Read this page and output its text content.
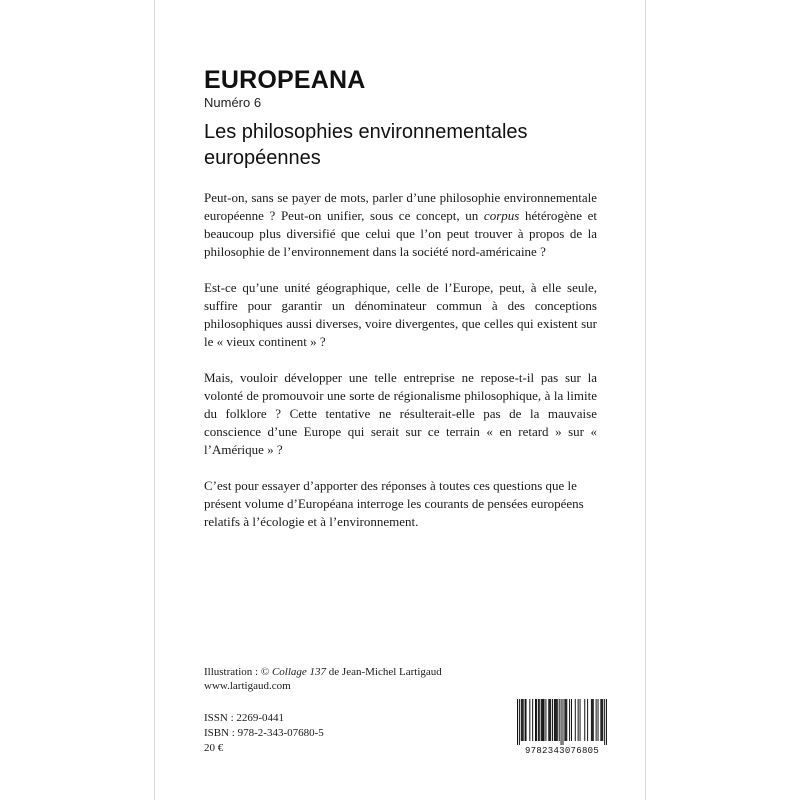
EUROPEANA
Numéro 6
Les philosophies environnementales
européennes

Peut-on, sans se payer de mots, parler d’une philosophie environnementale européenne ? Peut-on unifier, sous ce concept, un corpus hétérogène et beaucoup plus diversifié que celui que l’on peut trouver à propos de la philosophie de l’environnement dans la société nord-américaine ?

Est-ce qu’une unité géographique, celle de l’Europe, peut, à elle seule, suffire pour garantir un dénominateur commun à des conceptions philosophiques aussi diverses, voire divergentes, que celles qui existent sur le « vieux continent » ?

Mais, vouloir développer une telle entreprise ne repose-t-il pas sur la volonté de promouvoir une sorte de régionalisme philosophique, à la limite du folklore ? Cette tentative ne résulterait-elle pas de la mauvaise conscience d’une Europe qui serait sur ce terrain « en retard » sur « l’Amérique » ?

C’est pour essayer d’apporter des réponses à toutes ces questions que le présent volume d’Européana interroge les courants de pensées européens relatifs à l’écologie et à l’environnement.

Illustration : © Collage 137 de Jean-Michel Lartigaud
www.lartigaud.com
ISSN : 2269-0441
ISBN : 978-2-343-07680-5
20 €	9782343076805
